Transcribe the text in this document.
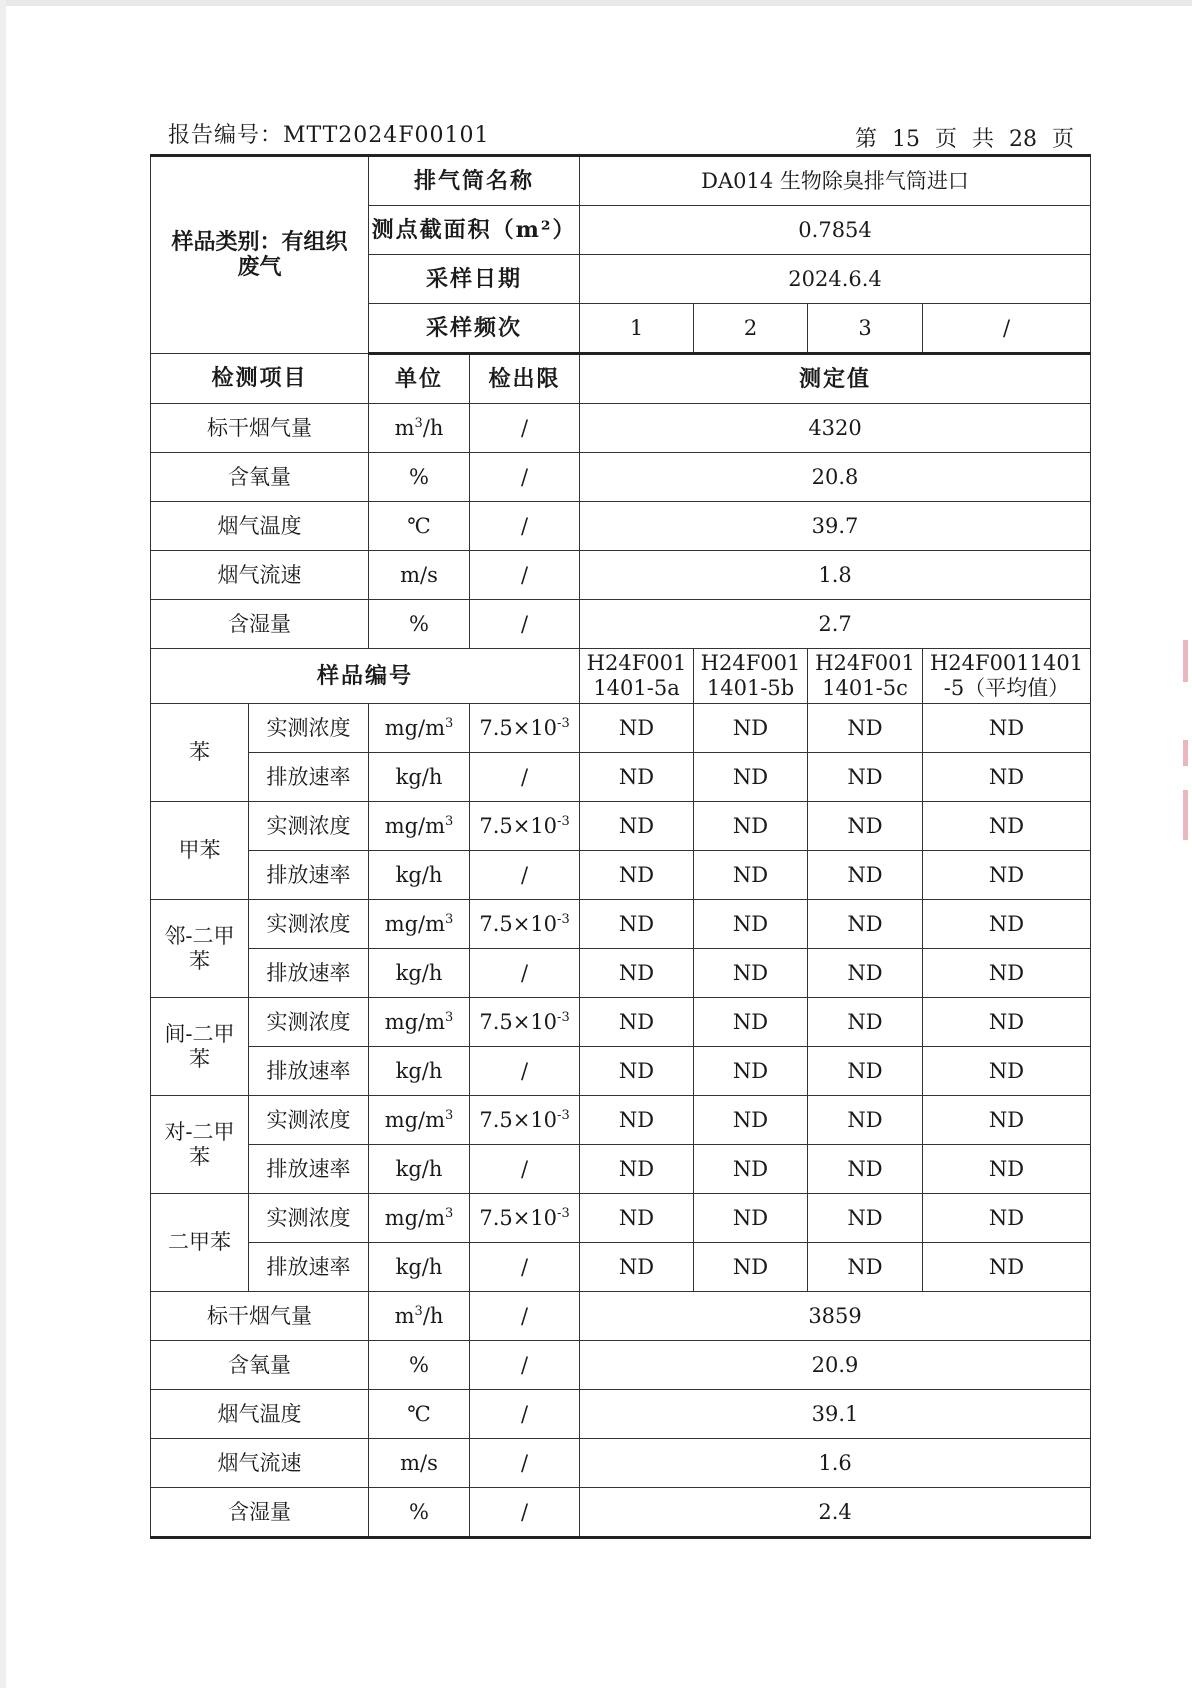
报告编号：MTT2024F00101	第 15 页 共 28 页
样品类别：有组织废气		排气筒名称		DA014 生物除臭排气筒进口			
		测点截面积（m²）		0.7854			
		采样日期		2024.6.4			
		采样频次		1	2	3	/
检测项目		单位	检出限	测定值			
标干烟气量		$m^3/h$	/	4320			
含氧量		%	/	20.8			
烟气温度		℃	/	39.7			
烟气流速		m/s	/	1.8			
含湿量		%	/	2.7			
样品编号				H24F001 1401-5a	H24F001 1401-5b	H24F001 1401-5c	H24F0011401 -5（平均值）

苯	实测浓度	$mg/m^3$	$7.5\times 10^{-3}$	ND	ND	ND	ND
	排放速率	kg/h	/	ND	ND	ND	ND

甲苯	实测浓度	$mg/m^3$	$7.5\times 10^{-3}$	ND	ND	ND	ND
	排放速率	kg/h	/	ND	ND	ND	ND

邻-二甲苯	实测浓度	$mg/m^3$	$7.5\times 10^{-3}$	ND	ND	ND	ND
	排放速率	kg/h	/	ND	ND	ND	ND

间-二甲苯	实测浓度	$mg/m^3$	$7.5\times 10^{-3}$	ND	ND	ND	ND
	排放速率	kg/h	/	ND	ND	ND	ND

对-二甲苯	实测浓度	$mg/m^3$	$7.5\times 10^{-3}$	ND	ND	ND	ND
	排放速率	kg/h	/	ND	ND	ND	ND

二甲苯	实测浓度	$mg/m^3$	$7.5\times 10^{-3}$	ND	ND	ND	ND
	排放速率	kg/h	/	ND	ND	ND	ND
标干烟气量		$m^3/h$	/	3859			
含氧量		%	/	20.9			
烟气温度		℃	/	39.1			
烟气流速		m/s	/	1.6			
含湿量		%	/	2.4			
